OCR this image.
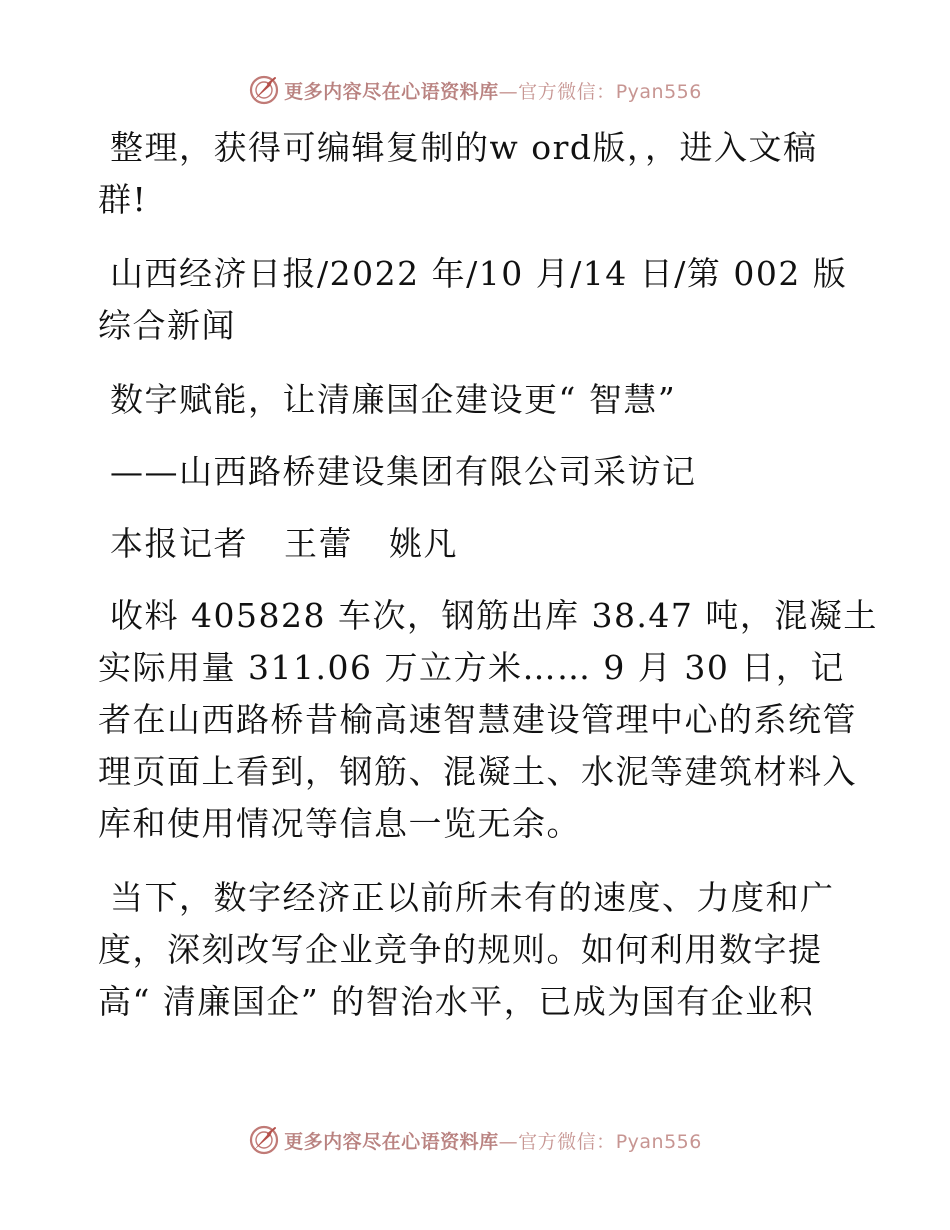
更多内容尽在心语资料库—官方微信：Pyan556
整理，获得可编辑复制的w ord版，，进入文稿
群!
山西经济日报/2022 年/10 月/14 日/第 002 版
综合新闻
数字赋能，让清廉国企建设更“ 智慧”
——山西路桥建设集团有限公司采访记
本报记者   王蕾   姚凡
收料 405828 车次，钢筋出库 38.47 吨，混凝土
实际用量 311.06 万立方米…… 9 月 30 日，记
者在山西路桥昔榆高速智慧建设管理中心的系统管
理页面上看到，钢筋、混凝土、水泥等建筑材料入
库和使用情况等信息一览无余。
当下，数字经济正以前所未有的速度、力度和广
度，深刻改写企业竞争的规则。如何利用数字提
高“ 清廉国企” 的智治水平，已成为国有企业积
更多内容尽在心语资料库—官方微信：Pyan556
